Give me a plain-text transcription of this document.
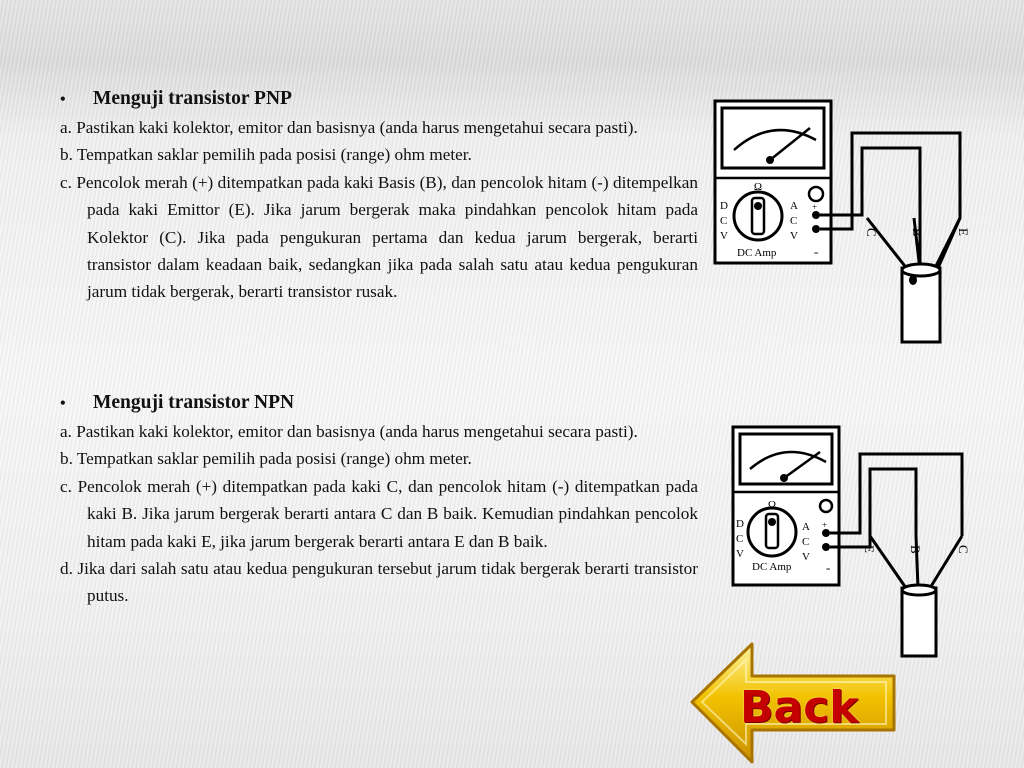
•	Menguji transistor PNP

a. Pastikan kaki kolektor, emitor dan basisnya (anda harus mengetahui secara pasti).

b. Tempatkan saklar pemilih pada posisi (range) ohm meter.

c. Pencolok merah (+) ditempatkan pada kaki Basis (B), dan pencolok hitam (-) ditempelkan pada kaki Emittor (E). Jika jarum bergerak maka pindahkan pencolok hitam pada Kolektor (C). Jika pada pengukuran pertama dan kedua jarum bergerak, berarti transistor dalam keadaan baik, sedangkan jika pada salah satu atau kedua pengukuran jarum tidak bergerak, berarti transistor rusak.

•	Menguji transistor NPN

a. Pastikan kaki kolektor, emitor dan basisnya (anda harus mengetahui secara pasti).

b. Tempatkan saklar pemilih pada posisi (range) ohm meter.

c. Pencolok merah (+) ditempatkan pada kaki C, dan pencolok hitam (-) ditempatkan pada kaki B. Jika jarum bergerak berarti antara C dan B baik. Kemudian pindahkan pencolok hitam pada kaki E, jika jarum bergerak berarti antara E dan B baik.

d. Jika dari salah satu atau kedua pengukuran tersebut jarum tidak bergerak berarti transistor putus.

Ω
D
C
V
A
C
V
DC Amp
+
-
C B E
Ω
D
C
V
A
C
V
DC Amp
+
-
E B	C
Back
